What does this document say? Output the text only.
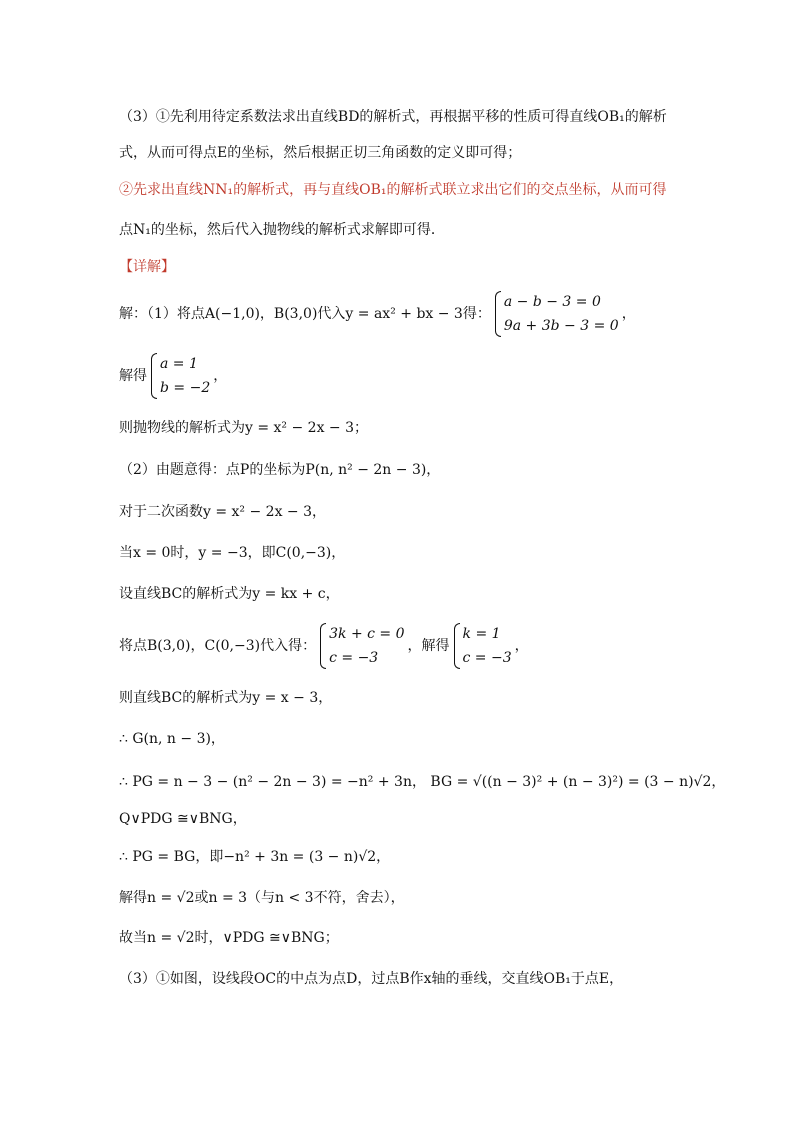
（3）①先利用待定系数法求出直线BD的解析式，再根据平移的性质可得直线OB₁的解析
式，从而可得点E的坐标，然后根据正切三角函数的定义即可得；
②先求出直线NN₁的解析式，再与直线OB₁的解析式联立求出它们的交点坐标，从而可得
点N₁的坐标，然后代入抛物线的解析式求解即可得．
【详解】
解：（1）将点A(−1,0)，B(3,0)代入y = ax² + bx − 3得：
a − b − 3 = 0
9a + 3b − 3 = 0
，
解得
a = 1
b = −2
，
则抛物线的解析式为y = x² − 2x − 3；
（2）由题意得：点P的坐标为P(n, n² − 2n − 3)，
对于二次函数y = x² − 2x − 3，
当x = 0时，y = −3，即C(0,−3)，
设直线BC的解析式为y = kx + c，
将点B(3,0)，C(0,−3)代入得：
3k + c = 0
c = −3
，解得
k = 1
c = −3
，
则直线BC的解析式为y = x − 3，
∴ G(n, n − 3)，
∴ PG = n − 3 − (n² − 2n − 3) = −n² + 3n， BG = √((n − 3)² + (n − 3)²) = (3 − n)√2，
Q∨PDG ≅∨BNG，
∴ PG = BG，即−n² + 3n = (3 − n)√2，
解得n = √2或n = 3（与n < 3不符，舍去），
故当n = √2时，∨PDG ≅∨BNG；
（3）①如图，设线段OC的中点为点D，过点B作x轴的垂线，交直线OB₁于点E，
